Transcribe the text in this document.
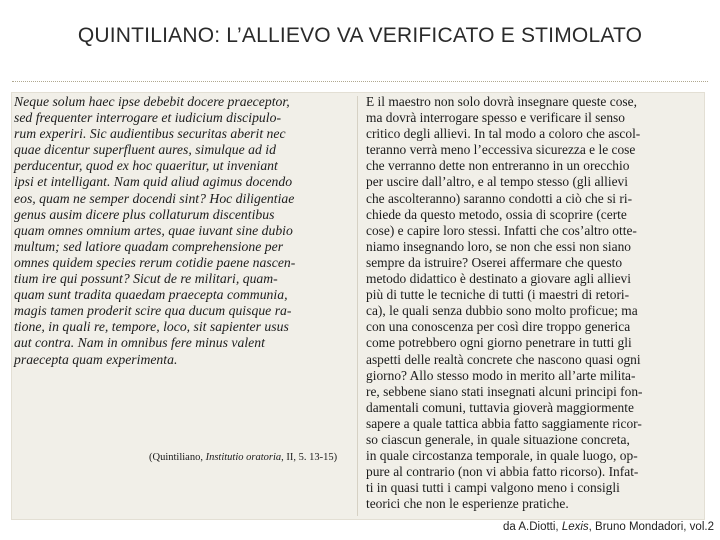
QUINTILIANO: L’ALLIEVO VA VERIFICATO E STIMOLATO
Neque solum haec ipse debebit docere praeceptor,
sed frequenter interrogare et iudicium discipulo-
rum experiri. Sic audientibus securitas aberit nec
quae dicentur superfluent aures, simulque ad id
perducentur, quod ex hoc quaeritur, ut inveniant
ipsi et intelligant. Nam quid aliud agimus docendo
eos, quam ne semper docendi sint? Hoc diligentiae
genus ausim dicere plus collaturum discentibus
quam omnes omnium artes, quae iuvant sine dubio
multum; sed latiore quadam comprehensione per
omnes quidem species rerum cotidie paene nascen-
tium ire qui possunt? Sicut de re militari, quam-
quam sunt tradita quaedam praecepta communia,
magis tamen proderit scire qua ducum quisque ra-
tione, in quali re, tempore, loco, sit sapienter usus
aut contra. Nam in omnibus fere minus valent
praecepta quam experimenta.
E il maestro non solo dovrà insegnare queste cose,
ma dovrà interrogare spesso e verificare il senso
critico degli allievi. In tal modo a coloro che ascol-
teranno verrà meno l’eccessiva sicurezza e le cose
che verranno dette non entreranno in un orecchio
per uscire dall’altro, e al tempo stesso (gli allievi
che ascolteranno) saranno condotti a ciò che si ri-
chiede da questo metodo, ossia di scoprire (certe
cose) e capire loro stessi. Infatti che cos’altro otte-
niamo insegnando loro, se non che essi non siano
sempre da istruire? Oserei affermare che questo
metodo didattico è destinato a giovare agli allievi
più di tutte le tecniche di tutti (i maestri di retori-
ca), le quali senza dubbio sono molto proficue; ma
con una conoscenza per così dire troppo generica
come potrebbero ogni giorno penetrare in tutti gli
aspetti delle realtà concrete che nascono quasi ogni
giorno? Allo stesso modo in merito all’arte milita-
re, sebbene siano stati insegnati alcuni principi fon-
damentali comuni, tuttavia gioverà maggiormente
sapere a quale tattica abbia fatto saggiamente ricor-
so ciascun generale, in quale situazione concreta,
in quale circostanza temporale, in quale luogo, op-
pure al contrario (non vi abbia fatto ricorso). Infat-
ti in quasi tutti i campi valgono meno i consigli
teorici che non le esperienze pratiche.
(Quintiliano, Institutio oratoria, II, 5. 13-15)
da A.Diotti, Lexis, Bruno Mondadori, vol.2
